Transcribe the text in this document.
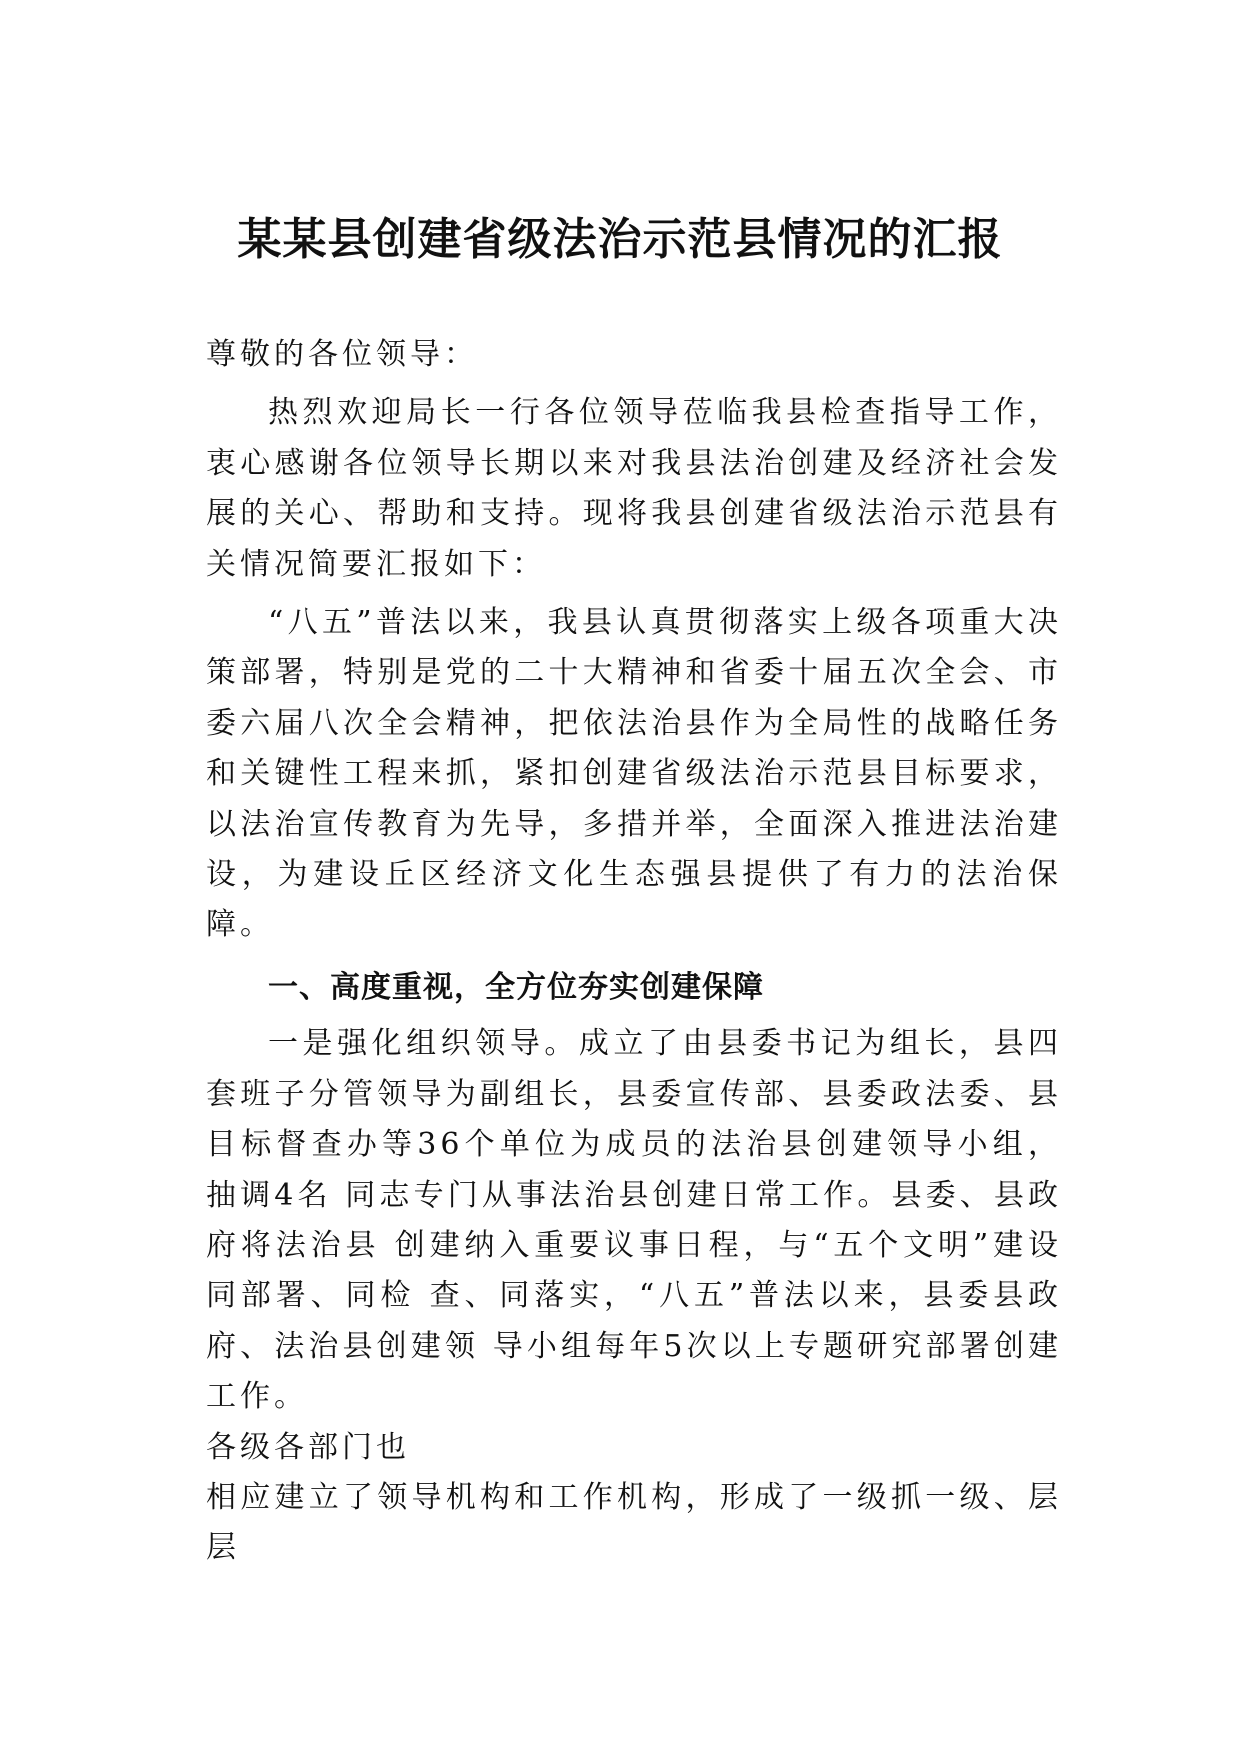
某某县创建省级法治示范县情况的汇报

尊敬的各位领导：

热烈欢迎局长一行各位领导莅临我县检查指导工作，衷心感谢各位领导长期以来对我县法治创建及经济社会发展的关心、帮助和支持。现将我县创建省级法治示范县有关情况简要汇报如下：

“八五”普法以来，我县认真贯彻落实上级各项重大决策部署，特别是党的二十大精神和省委十届五次全会、市委六届八次全会精神，把依法治县作为全局性的战略任务和关键性工程来抓，紧扣创建省级法治示范县目标要求， 以法治宣传教育为先导，多措并举，全面深入推进法治建设，为建设丘区经济文化生态强县提供了有力的法治保障。

一、高度重视，全方位夯实创建保障

一是强化组织领导。成立了由县委书记为组长，县四套班子分管领导为副组长，县委宣传部、县委政法委、县目标督查办等36个单位为成员的法治县创建领导小组，抽调4名 同志专门从事法治县创建日常工作。县委、县政府将法治县 创建纳入重要议事日程，与“五个文明”建设同部署、同检 查、同落实，“八五”普法以来，县委县政府、法治县创建领 导小组每年5次以上专题研究部署创建工作。

各级各部门也

相应建立了领导机构和工作机构，形成了一级抓一级、层层
